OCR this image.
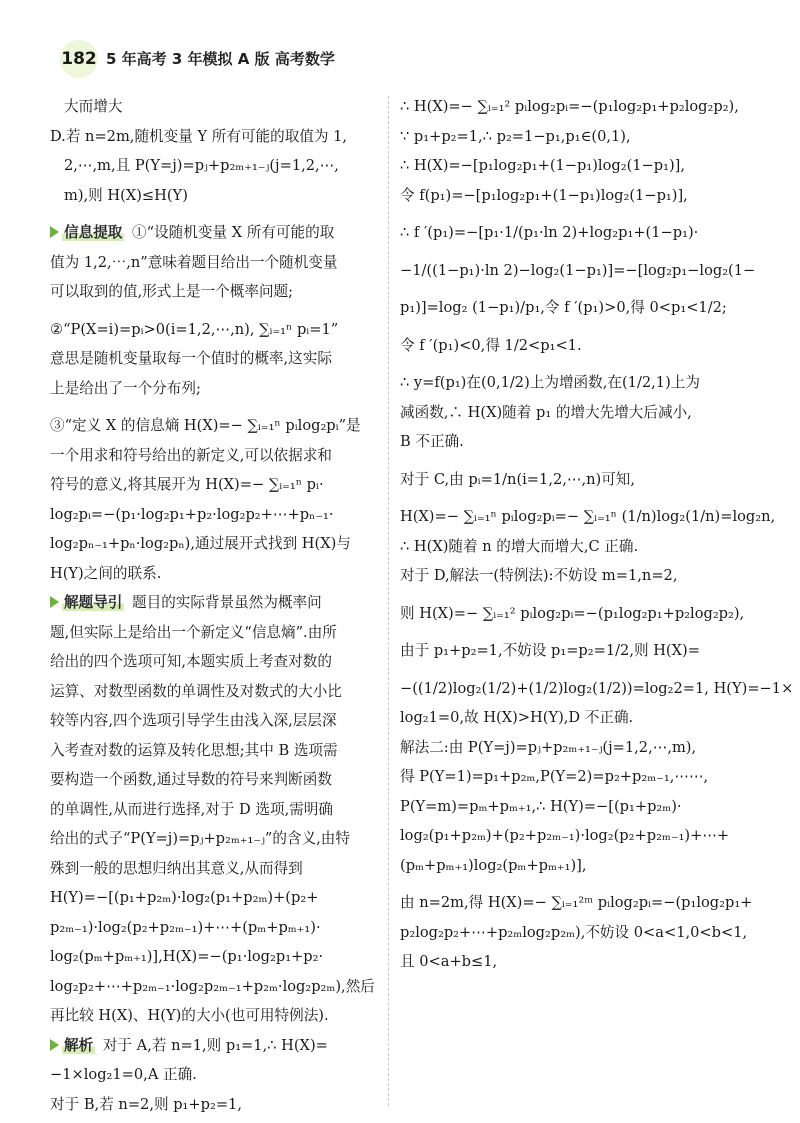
182 5 年高考 3 年模拟 A 版 高考数学
大而增大
D.若 n=2m,随机变量 Y 所有可能的取值为 1,
2,⋯,m,且 P(Y=j)=pⱼ+p₂ₘ₊₁₋ⱼ(j=1,2,⋯,
m),则 H(X)≤H(Y)
信息提取 ①“设随机变量 X 所有可能的取
值为 1,2,⋯,n”意味着题目给出一个随机变量
可以取到的值,形式上是一个概率问题;
②“P(X=i)=pᵢ>0(i=1,2,⋯,n), ∑ᵢ₌₁ⁿ pᵢ=1”
意思是随机变量取每一个值时的概率,这实际
上是给出了一个分布列;
③“定义 X 的信息熵 H(X)=− ∑ᵢ₌₁ⁿ pᵢlog₂pᵢ”是
一个用求和符号给出的新定义,可以依据求和
符号的意义,将其展开为 H(X)=− ∑ᵢ₌₁ⁿ pᵢ·
log₂pᵢ=−(p₁·log₂p₁+p₂·log₂p₂+⋯+pₙ₋₁·
log₂pₙ₋₁+pₙ·log₂pₙ),通过展开式找到 H(X)与
H(Y)之间的联系.
解题导引 题目的实际背景虽然为概率问
题,但实际上是给出一个新定义“信息熵”.由所
给出的四个选项可知,本题实质上考查对数的
运算、对数型函数的单调性及对数式的大小比
较等内容,四个选项引导学生由浅入深,层层深
入考查对数的运算及转化思想;其中 B 选项需
要构造一个函数,通过导数的符号来判断函数
的单调性,从而进行选择,对于 D 选项,需明确
给出的式子“P(Y=j)=pⱼ+p₂ₘ₊₁₋ⱼ”的含义,由特
殊到一般的思想归纳出其意义,从而得到
H(Y)=−[(p₁+p₂ₘ)·log₂(p₁+p₂ₘ)+(p₂+
p₂ₘ₋₁)·log₂(p₂+p₂ₘ₋₁)+⋯+(pₘ+pₘ₊₁)·
log₂(pₘ+pₘ₊₁)],H(X)=−(p₁·log₂p₁+p₂·
log₂p₂+⋯+p₂ₘ₋₁·log₂p₂ₘ₋₁+p₂ₘ·log₂p₂ₘ),然后
再比较 H(X)、H(Y)的大小(也可用特例法).
解析 对于 A,若 n=1,则 p₁=1,∴ H(X)=
−1×log₂1=0,A 正确.
对于 B,若 n=2,则 p₁+p₂=1,
∴ H(X)=− ∑ᵢ₌₁² pᵢlog₂pᵢ=−(p₁log₂p₁+p₂log₂p₂),
∵ p₁+p₂=1,∴ p₂=1−p₁,p₁∈(0,1),
∴ H(X)=−[p₁log₂p₁+(1−p₁)log₂(1−p₁)],
令 f(p₁)=−[p₁log₂p₁+(1−p₁)log₂(1−p₁)],
∴ f ′(p₁)=−[p₁·1/(p₁·ln 2)+log₂p₁+(1−p₁)·
−1/((1−p₁)·ln 2)−log₂(1−p₁)]=−[log₂p₁−log₂(1−
p₁)]=log₂ (1−p₁)/p₁,令 f ′(p₁)>0,得 0<p₁<1/2;
令 f ′(p₁)<0,得 1/2<p₁<1.
∴ y=f(p₁)在(0,1/2)上为增函数,在(1/2,1)上为
减函数,∴ H(X)随着 p₁ 的增大先增大后减小,
B 不正确.
对于 C,由 pᵢ=1/n(i=1,2,⋯,n)可知,
H(X)=− ∑ᵢ₌₁ⁿ pᵢlog₂pᵢ=− ∑ᵢ₌₁ⁿ (1/n)log₂(1/n)=log₂n,
∴ H(X)随着 n 的增大而增大,C 正确.
对于 D,解法一(特例法):不妨设 m=1,n=2,
则 H(X)=− ∑ᵢ₌₁² pᵢlog₂pᵢ=−(p₁log₂p₁+p₂log₂p₂),
由于 p₁+p₂=1,不妨设 p₁=p₂=1/2,则 H(X)=
−((1/2)log₂(1/2)+(1/2)log₂(1/2))=log₂2=1, H(Y)=−1×
log₂1=0,故 H(X)>H(Y),D 不正确.
解法二:由 P(Y=j)=pⱼ+p₂ₘ₊₁₋ⱼ(j=1,2,⋯,m),
得 P(Y=1)=p₁+p₂ₘ,P(Y=2)=p₂+p₂ₘ₋₁,⋯⋯,
P(Y=m)=pₘ+pₘ₊₁,∴ H(Y)=−[(p₁+p₂ₘ)·
log₂(p₁+p₂ₘ)+(p₂+p₂ₘ₋₁)·log₂(p₂+p₂ₘ₋₁)+⋯+
(pₘ+pₘ₊₁)log₂(pₘ+pₘ₊₁)],
由 n=2m,得 H(X)=− ∑ᵢ₌₁²ᵐ pᵢlog₂pᵢ=−(p₁log₂p₁+
p₂log₂p₂+⋯+p₂ₘlog₂p₂ₘ),不妨设 0<a<1,0<b<1,
且 0<a+b≤1,
